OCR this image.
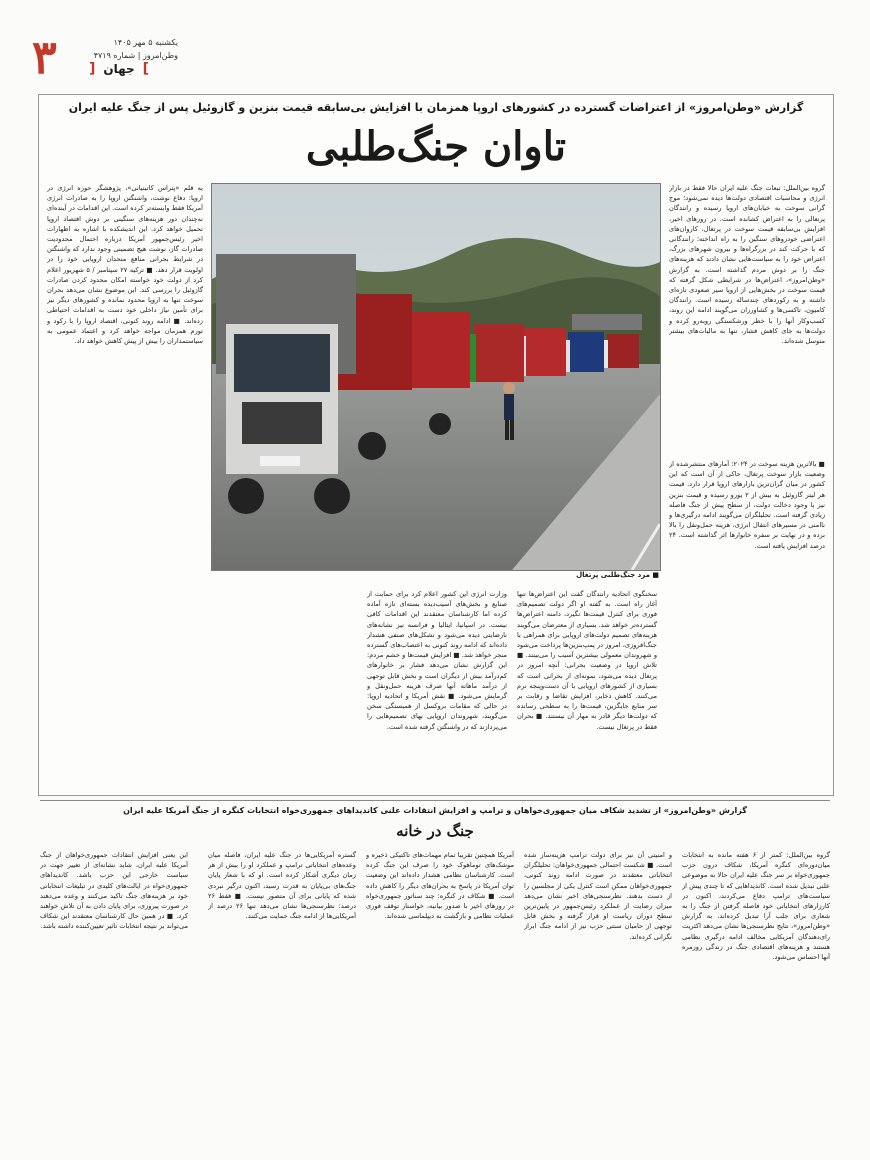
۳	یکشنبه ۵ مهر ۱۴۰۵
وطن‌امروز | شماره ۴۷۱۹
]
جهان
[
گزارش «وطن‌امروز» از اعتراضات گسترده در کشورهای اروپا همزمان با افزایش بی‌سابقه قیمت بنزین و گازوئیل پس از جنگ علیه ایران
تاوان جنگ‌طلبی

گروه بین‌الملل: تبعات جنگ علیه ایران حالا فقط در بازار انرژی و محاسبات اقتصادی دولت‌ها دیده نمی‌شود؛ موج گرانی سوخت به خیابان‌های اروپا رسیده و رانندگان پرتغالی را به اعتراض کشانده است. در روزهای اخیر، افزایش بی‌سابقه قیمت سوخت در پرتغال، کاروان‌های اعتراضی خودروهای سنگین را به راه انداخته؛ رانندگانی که با حرکت کند در بزرگراه‌ها و بیرون شهرهای بزرگ، اعتراض خود را به سیاست‌هایی نشان دادند که هزینه‌های جنگ را بر دوش مردم گذاشته است. به گزارش «وطن‌امروز»، اعتراض‌ها در شرایطی شکل گرفته که قیمت سوخت در بخش‌هایی از اروپا سیر صعودی تازه‌ای داشته و به رکوردهای چندساله رسیده است. رانندگان کامیون، تاکسی‌ها و کشاورزان می‌گویند ادامه این روند، کسب‌وکار آنها را با خطر ورشکستگی روبه‌رو کرده و دولت‌ها به جای کاهش فشار، تنها به مالیات‌های بیشتر متوسل شده‌اند.

■ بالاترین هزینه سوخت در ۲۰۲۴: آمارهای منتشرشده از وضعیت بازار سوخت پرتغال، حاکی از آن است که این کشور در میان گران‌ترین بازارهای اروپا قرار دارد. قیمت هر لیتر گازوئیل به بیش از ۲ یورو رسیده و قیمت بنزین نیز با وجود دخالت دولت، از سطح پیش از جنگ فاصله زیادی گرفته است. تحلیلگران می‌گویند ادامه درگیری‌ها و ناامنی در مسیرهای انتقال انرژی، هزینه حمل‌ونقل را بالا برده و در نهایت بر سفره خانوارها اثر گذاشته است. ۲۴ درصد افزایش یافته است.

■ مرد جنگ‌طلبی پرتغال

سخنگوی اتحادیه رانندگان گفت این اعتراض‌ها تنها آغاز راه است. به گفته او اگر دولت تصمیم‌های فوری برای کنترل قیمت‌ها نگیرد، دامنه اعتراض‌ها گسترده‌تر خواهد شد. بسیاری از معترضان می‌گویند هزینه‌های تصمیم دولت‌های اروپایی برای همراهی با جنگ‌افروزی، امروز در پمپ‌بنزین‌ها پرداخت می‌شود و شهروندان معمولی بیشترین آسیب را می‌بینند. ■ تلاش اروپا در وضعیت بحرانی: آنچه امروز در پرتغال دیده می‌شود، نمونه‌ای از بحرانی است که بسیاری از کشورهای اروپایی با آن دست‌وپنجه نرم می‌کنند. کاهش ذخایر، افزایش تقاضا و رقابت بر سر منابع جایگزین، قیمت‌ها را به سطحی رسانده که دولت‌ها دیگر قادر به مهار آن نیستند. ■ بحران فقط در پرتغال نیست.

وزارت انرژی این کشور اعلام کرد برای حمایت از صنایع و بخش‌های آسیب‌دیده بسته‌ای تازه آماده کرده اما کارشناسان معتقدند این اقدامات کافی نیست. در اسپانیا، ایتالیا و فرانسه نیز نشانه‌های نارضایتی دیده می‌شود و تشکل‌های صنفی هشدار داده‌اند که ادامه روند کنونی به اعتصاب‌های گسترده منجر خواهد شد. ■ افزایش قیمت‌ها و خشم مردم: این گزارش نشان می‌دهد فشار بر خانوارهای کم‌درآمد بیش از دیگران است و بخش قابل توجهی از درآمد ماهانه آنها صرف هزینه حمل‌ونقل و گرمایش می‌شود. ■ نقش آمریکا و اتحادیه اروپا: در حالی که مقامات بروکسل از همبستگی سخن می‌گویند، شهروندان اروپایی بهای تصمیم‌هایی را می‌پردازند که در واشنگتن گرفته شده است.

به قلم «پتراس کاتینیانی»، پژوهشگر حوزه انرژی در اروپا: دفاع نوشت، واشنگتن اروپا را به صادرات انرژی آمریکا فقط وابسته‌تر کرده است. این اقدامات در آینده‌ای نه‌چندان دور هزینه‌های سنگینی بر دوش اقتصاد اروپا تحمیل خواهد کرد. این اندیشکده با اشاره به اظهارات اخیر رئیس‌جمهور آمریکا درباره احتمال محدودیت صادرات گاز، نوشت هیچ تضمینی وجود ندارد که واشنگتن در شرایط بحرانی منافع متحدان اروپایی خود را در اولویت قرار دهد. ■ ترکیه ۲۷ سپتامبر / ۵ شهریور اعلام کرد از دولت خود خواسته امکان محدود کردن صادرات گازوئیل را بررسی کند. این موضوع نشان می‌دهد بحران سوخت تنها به اروپا محدود نمانده و کشورهای دیگر نیز برای تأمین نیاز داخلی خود دست به اقدامات احتیاطی زده‌اند. ■ ادامه روند کنونی، اقتصاد اروپا را با رکود و تورم همزمان مواجه خواهد کرد و اعتماد عمومی به سیاستمداران را بیش از پیش کاهش خواهد داد.

گزارش «وطن‌امروز» از تشدید شکاف میان جمهوری‌خواهان و ترامپ و افزایش انتقادات علنی کاندیداهای جمهوری‌خواه انتخابات کنگره از جنگ آمریکا علیه ایران
جنگ در خانه

گروه بین‌الملل: کمتر از ۶ هفته مانده به انتخابات میان‌دوره‌ای کنگره آمریکا، شکاف درون حزب جمهوری‌خواه بر سر جنگ علیه ایران حالا به موضوعی علنی تبدیل شده است. کاندیداهایی که تا چندی پیش از سیاست‌های ترامپ دفاع می‌کردند، اکنون در کارزارهای انتخاباتی خود فاصله گرفتن از جنگ را به شعاری برای جلب آرا تبدیل کرده‌اند. به گزارش «وطن‌امروز»، نتایج نظرسنجی‌ها نشان می‌دهد اکثریت رای‌دهندگان آمریکایی مخالف ادامه درگیری نظامی هستند و هزینه‌های اقتصادی جنگ در زندگی روزمره آنها احساس می‌شود.

و امنیتی آن نیز برای دولت ترامپ هزینه‌ساز شده است. ■ شکست احتمالی جمهوری‌خواهان: تحلیلگران انتخاباتی معتقدند در صورت ادامه روند کنونی، جمهوری‌خواهان ممکن است کنترل یکی از مجلسین را از دست بدهند. نظرسنجی‌های اخیر نشان می‌دهد میزان رضایت از عملکرد رئیس‌جمهور در پایین‌ترین سطح دوران ریاست او قرار گرفته و بخش قابل توجهی از حامیان سنتی حزب نیز از ادامه جنگ ابراز نگرانی کرده‌اند.

آمریکا همچنین تقریبا تمام مهمات‌های تاکتیکی ذخیره و موشک‌های توماهوک خود را صرف این جنگ کرده است. کارشناسان نظامی هشدار داده‌اند این وضعیت توان آمریکا در پاسخ به بحران‌های دیگر را کاهش داده است. ■ شکاف در کنگره: چند سناتور جمهوری‌خواه در روزهای اخیر با صدور بیانیه، خواستار توقف فوری عملیات نظامی و بازگشت به دیپلماسی شده‌اند.

گستره آمریکایی‌ها در جنگ علیه ایران، فاصله میان وعده‌های انتخاباتی ترامپ و عملکرد او را بیش از هر زمان دیگری آشکار کرده است. او که با شعار پایان جنگ‌های بی‌پایان به قدرت رسید، اکنون درگیر نبردی شده که پایانی برای آن متصور نیست. ■ فقط ۲۶ درصد: نظرسنجی‌ها نشان می‌دهد تنها ۲۶ درصد از آمریکایی‌ها از ادامه جنگ حمایت می‌کنند.

این یعنی افزایش انتقادات جمهوری‌خواهان از جنگ آمریکا علیه ایران، شاید نشانه‌ای از تغییر جهت در سیاست خارجی این حزب باشد. کاندیداهای جمهوری‌خواه در ایالت‌های کلیدی در تبلیغات انتخاباتی خود بر هزینه‌های جنگ تاکید می‌کنند و وعده می‌دهند در صورت پیروزی، برای پایان دادن به آن تلاش خواهند کرد. ■ در همین حال کارشناسان معتقدند این شکاف می‌تواند بر نتیجه انتخابات تاثیر تعیین‌کننده داشته باشد.
